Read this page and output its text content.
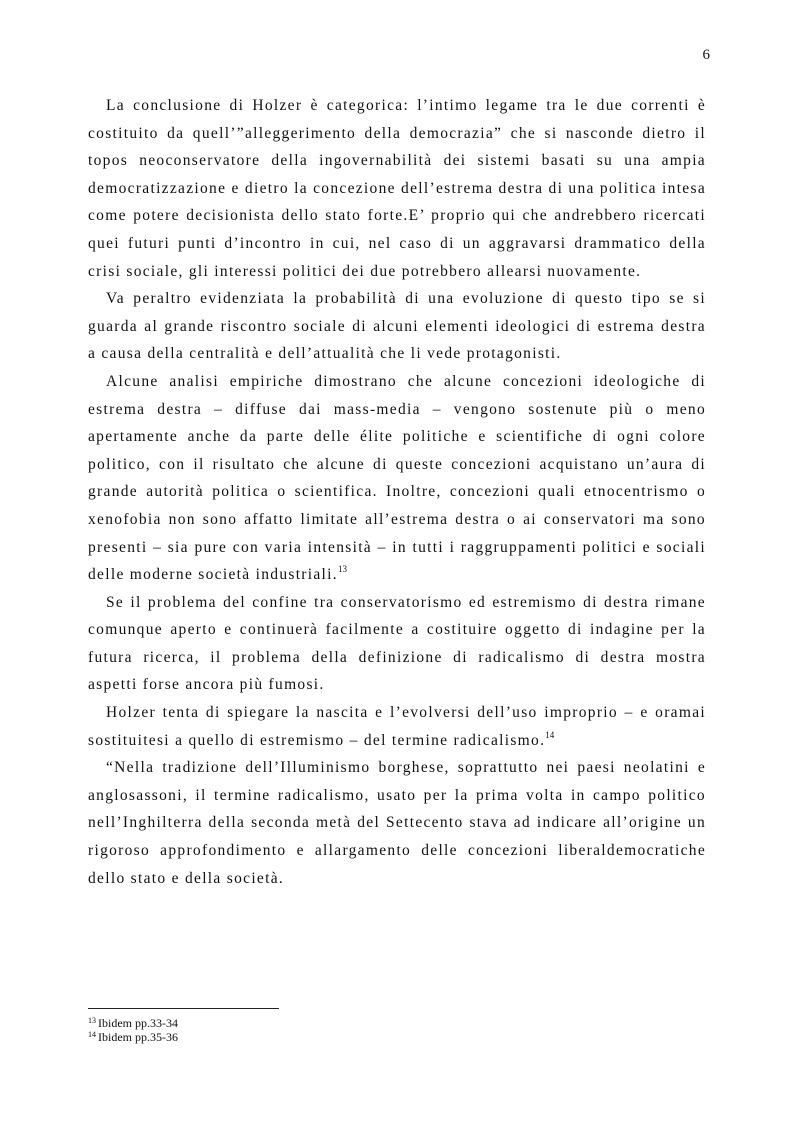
6

La conclusione di Holzer è categorica: l’intimo legame tra le due correnti è costituito da quell’”alleggerimento della democrazia” che si nasconde dietro il topos neoconservatore della ingovernabilità dei sistemi basati su una ampia democratizzazione e dietro la concezione dell’estrema destra di una politica intesa come potere decisionista dello stato forte.E’ proprio qui che andrebbero ricercati quei futuri punti d’incontro in cui, nel caso di un aggravarsi drammatico della crisi sociale, gli interessi politici dei due potrebbero allearsi nuovamente.

Va peraltro evidenziata la probabilità di una evoluzione di questo tipo se si guarda al grande riscontro sociale di alcuni elementi ideologici di estrema destra a causa della centralità e dell’attualità che li vede protagonisti.

Alcune analisi empiriche dimostrano che alcune concezioni ideologiche di estrema destra – diffuse dai mass-media – vengono sostenute più o meno apertamente anche da parte delle élite politiche e scientifiche di ogni colore politico, con il risultato che alcune di queste concezioni acquistano un’aura di grande autorità politica o scientifica. Inoltre, concezioni quali etnocentrismo o xenofobia non sono affatto limitate all’estrema destra o ai conservatori ma sono presenti – sia pure con varia intensità – in tutti i raggruppamenti politici e sociali delle moderne società industriali.$^{13}$

Se il problema del confine tra conservatorismo ed estremismo di destra rimane comunque aperto e continuerà facilmente a costituire oggetto di indagine per la futura ricerca, il problema della definizione di radicalismo di destra mostra aspetti forse ancora più fumosi.

Holzer tenta di spiegare la nascita e l’evolversi dell’uso improprio – e oramai sostituitesi a quello di estremismo – del termine radicalismo.$^{14}$

“Nella tradizione dell’Illuminismo borghese, soprattutto nei paesi neolatini e anglosassoni, il termine radicalismo, usato per la prima volta in campo politico nell’Inghilterra della seconda metà del Settecento stava ad indicare all’origine un rigoroso approfondimento e allargamento delle concezioni liberaldemocratiche dello stato e della società.

$^{13}$ Ibidem pp.33-34

$^{14}$ Ibidem pp.35-36
